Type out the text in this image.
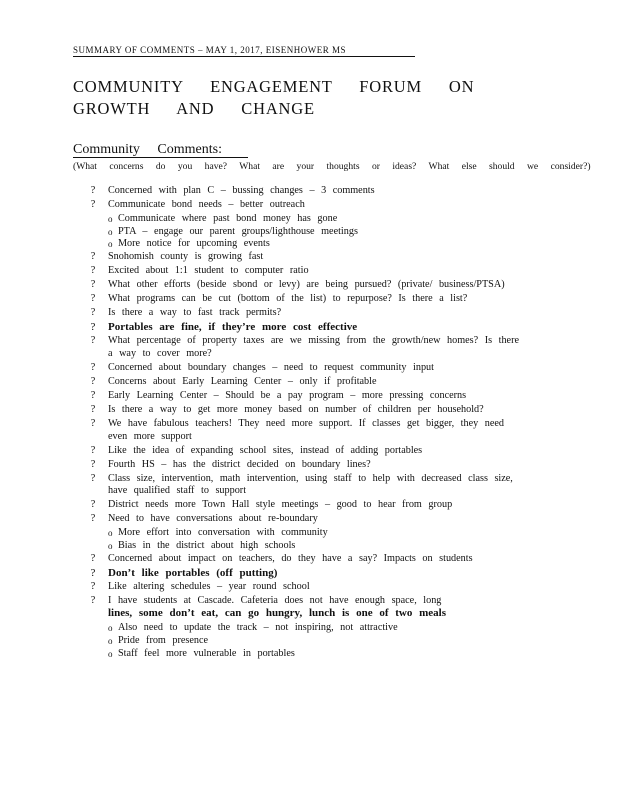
SUMMARY OF COMMENTS – MAY 1, 2017, EISENHOWER MS
COMMUNITY ENGAGEMENT FORUM ON
GROWTH AND CHANGE
Community Comments:
(What concerns do you have? What are your thoughts or ideas? What else should we consider?)
? Concerned with plan C – bussing changes – 3 comments
? Communicate bond needs – better outreach
o Communicate where past bond money has gone
o PTA – engage our parent groups/lighthouse meetings
o More notice for upcoming events
? Snohomish county is growing fast
? Excited about 1:1 student to computer ratio
? What other efforts (beside sbond or levy) are being pursued? (private/ business/PTSA)
? What programs can be cut (bottom of the list) to repurpose? Is there a list?
? Is there a way to fast track permits?
? Portables are fine, if they’re more cost effective
? What percentage of property taxes are we missing from the growth/new homes? Is there a way to cover more?
? Concerned about boundary changes – need to request community input
? Concerns about Early Learning Center – only if profitable
? Early Learning Center – Should be a pay program – more pressing concerns
? Is there a way to get more money based on number of children per household?
? We have fabulous teachers! They need more support. If classes get bigger, they need even more support
? Like the idea of expanding school sites, instead of adding portables
? Fourth HS – has the district decided on boundary lines?
? Class size, intervention, math intervention, using staff to help with decreased class size, have qualified staff to support
? District needs more Town Hall style meetings – good to hear from group
? Need to have conversations about re-boundary
o More effort into conversation with community
o Bias in the district about high schools
? Concerned about impact on teachers, do they have a say? Impacts on students
? Don’t like portables (off putting)
? Like altering schedules – year round school
? I have students at Cascade. Cafeteria does not have enough space, long
lines, some don’t eat, can go hungry, lunch is one of two meals
o Also need to update the track – not inspiring, not attractive
o Pride from presence
o Staff feel more vulnerable in portables
